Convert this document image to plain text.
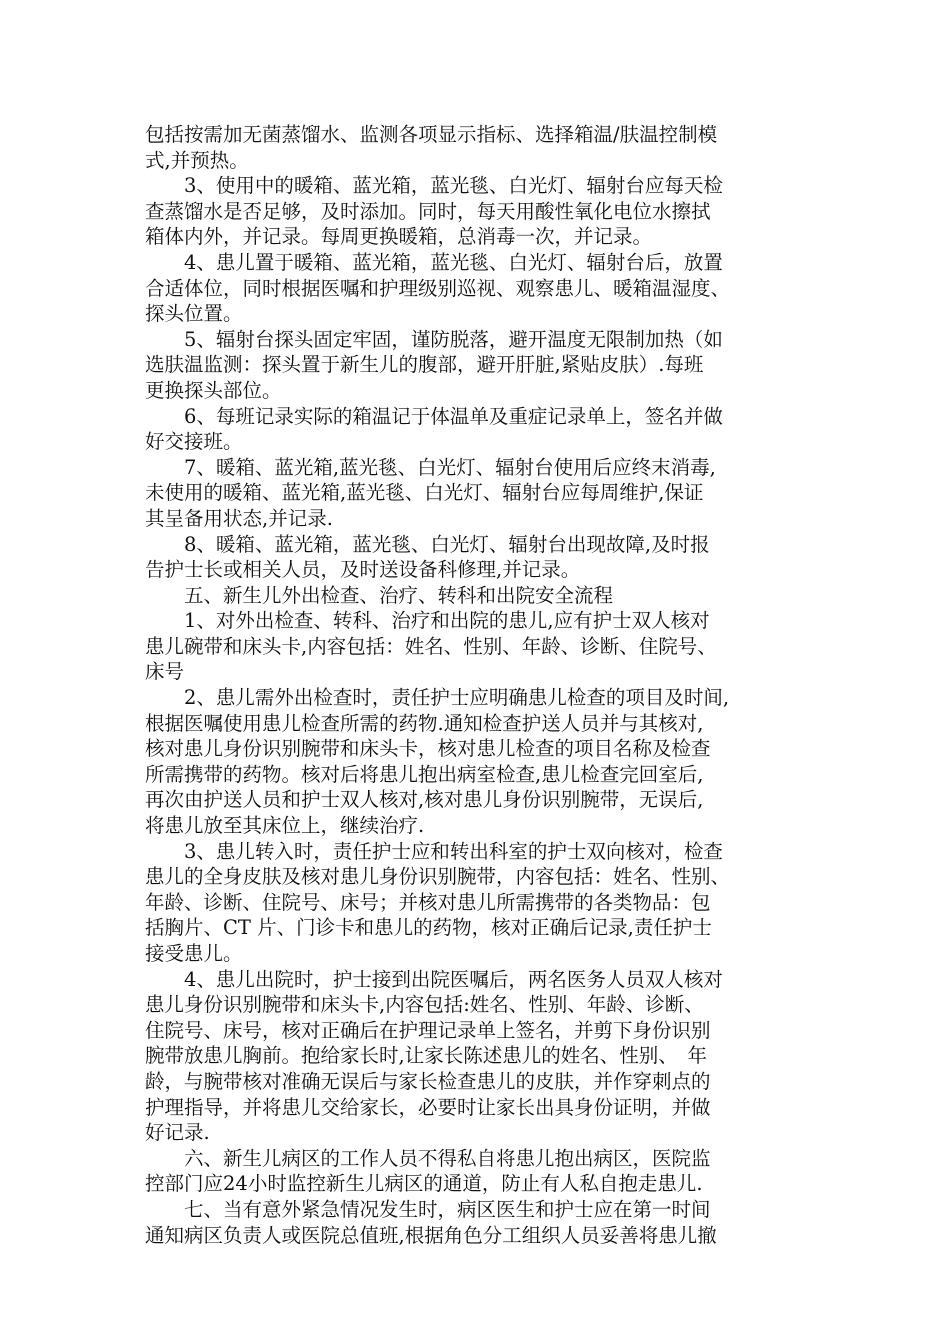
包括按需加无菌蒸馏水、监测各项显示指标、选择箱温/肤温控制模
式,并预热。
　　3、使用中的暖箱、蓝光箱，蓝光毯、白光灯、辐射台应每天检
查蒸馏水是否足够，及时添加。同时，每天用酸性氧化电位水擦拭
箱体内外，并记录。每周更换暖箱，总消毒一次，并记录。
　　4、患儿置于暖箱、蓝光箱，蓝光毯、白光灯、辐射台后，放置
合适体位，同时根据医嘱和护理级别巡视、观察患儿、暖箱温湿度、
探头位置。
　　5、辐射台探头固定牢固，谨防脱落，避开温度无限制加热（如
选肤温监测：探头置于新生儿的腹部，避开肝脏,紧贴皮肤）.每班
更换探头部位。
　　6、每班记录实际的箱温记于体温单及重症记录单上，签名并做
好交接班。
　　7、暖箱、蓝光箱,蓝光毯、白光灯、辐射台使用后应终末消毒,
未使用的暖箱、蓝光箱,蓝光毯、白光灯、辐射台应每周维护,保证
其呈备用状态,并记录.
　　8、暖箱、蓝光箱，蓝光毯、白光灯、辐射台出现故障,及时报
告护士长或相关人员，及时送设备科修理,并记录。
　　五、新生儿外出检查、治疗、转科和出院安全流程
　　1、对外出检查、转科、治疗和出院的患儿,应有护士双人核对
患儿碗带和床头卡,内容包括：姓名、性别、年龄、诊断、住院号、
床号
　　2、患儿需外出检查时，责任护士应明确患儿检查的项目及时间,
根据医嘱使用患儿检查所需的药物.通知检查护送人员并与其核对,
核对患儿身份识别腕带和床头卡，核对患儿检查的项目名称及检查
所需携带的药物。核对后将患儿抱出病室检查,患儿检查完回室后,
再次由护送人员和护士双人核对,核对患儿身份识别腕带，无误后,
将患儿放至其床位上，继续治疗.
　　3、患儿转入时，责任护士应和转出科室的护士双向核对，检查
患儿的全身皮肤及核对患儿身份识别腕带，内容包括：姓名、性别、
年龄、诊断、住院号、床号；并核对患儿所需携带的各类物品：包
括胸片、CT 片、门诊卡和患儿的药物，核对正确后记录,责任护士
接受患儿。
　　4、患儿出院时，护士接到出院医嘱后，两名医务人员双人核对
患儿身份识别腕带和床头卡,内容包括:姓名、性别、年龄、诊断、
住院号、床号，核对正确后在护理记录单上签名，并剪下身份识别
腕带放患儿胸前。抱给家长时,让家长陈述患儿的姓名、性别、　年
龄，与腕带核对准确无误后与家长检查患儿的皮肤，并作穿刺点的
护理指导，并将患儿交给家长，必要时让家长出具身份证明，并做
好记录.
　　六、新生儿病区的工作人员不得私自将患儿抱出病区，医院监
控部门应24小时监控新生儿病区的通道，防止有人私自抱走患儿.
　　七、当有意外紧急情况发生时，病区医生和护士应在第一时间
通知病区负责人或医院总值班,根据角色分工组织人员妥善将患儿撤
